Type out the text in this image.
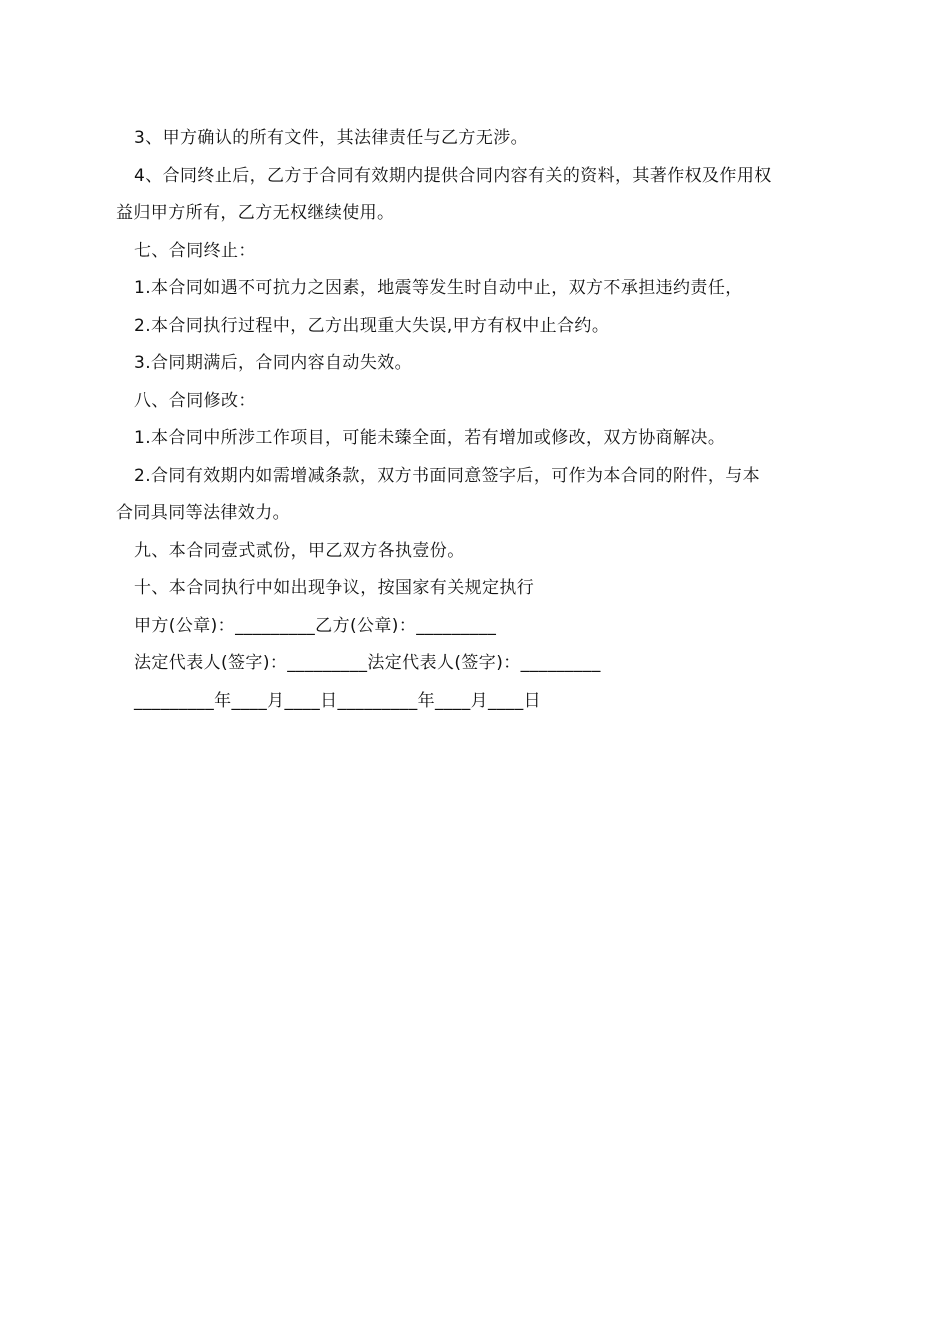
3、甲方确认的所有文件，其法律责任与乙方无涉。
4、合同终止后，乙方于合同有效期内提供合同内容有关的资料，其著作权及作用权
益归甲方所有，乙方无权继续使用。
七、合同终止：
1.本合同如遇不可抗力之因素，地震等发生时自动中止，双方不承担违约责任，
2.本合同执行过程中，乙方出现重大失误,甲方有权中止合约。
3.合同期满后，合同内容自动失效。
八、合同修改：
1.本合同中所涉工作项目，可能未臻全面，若有增加或修改，双方协商解决。
2.合同有效期内如需增减条款，双方书面同意签字后，可作为本合同的附件，与本
合同具同等法律效力。
九、本合同壹式贰份，甲乙双方各执壹份。
十、本合同执行中如出现争议，按国家有关规定执行
甲方(公章)：_________乙方(公章)：_________
法定代表人(签字)：_________法定代表人(签字)：_________
_________年____月____日_________年____月____日
